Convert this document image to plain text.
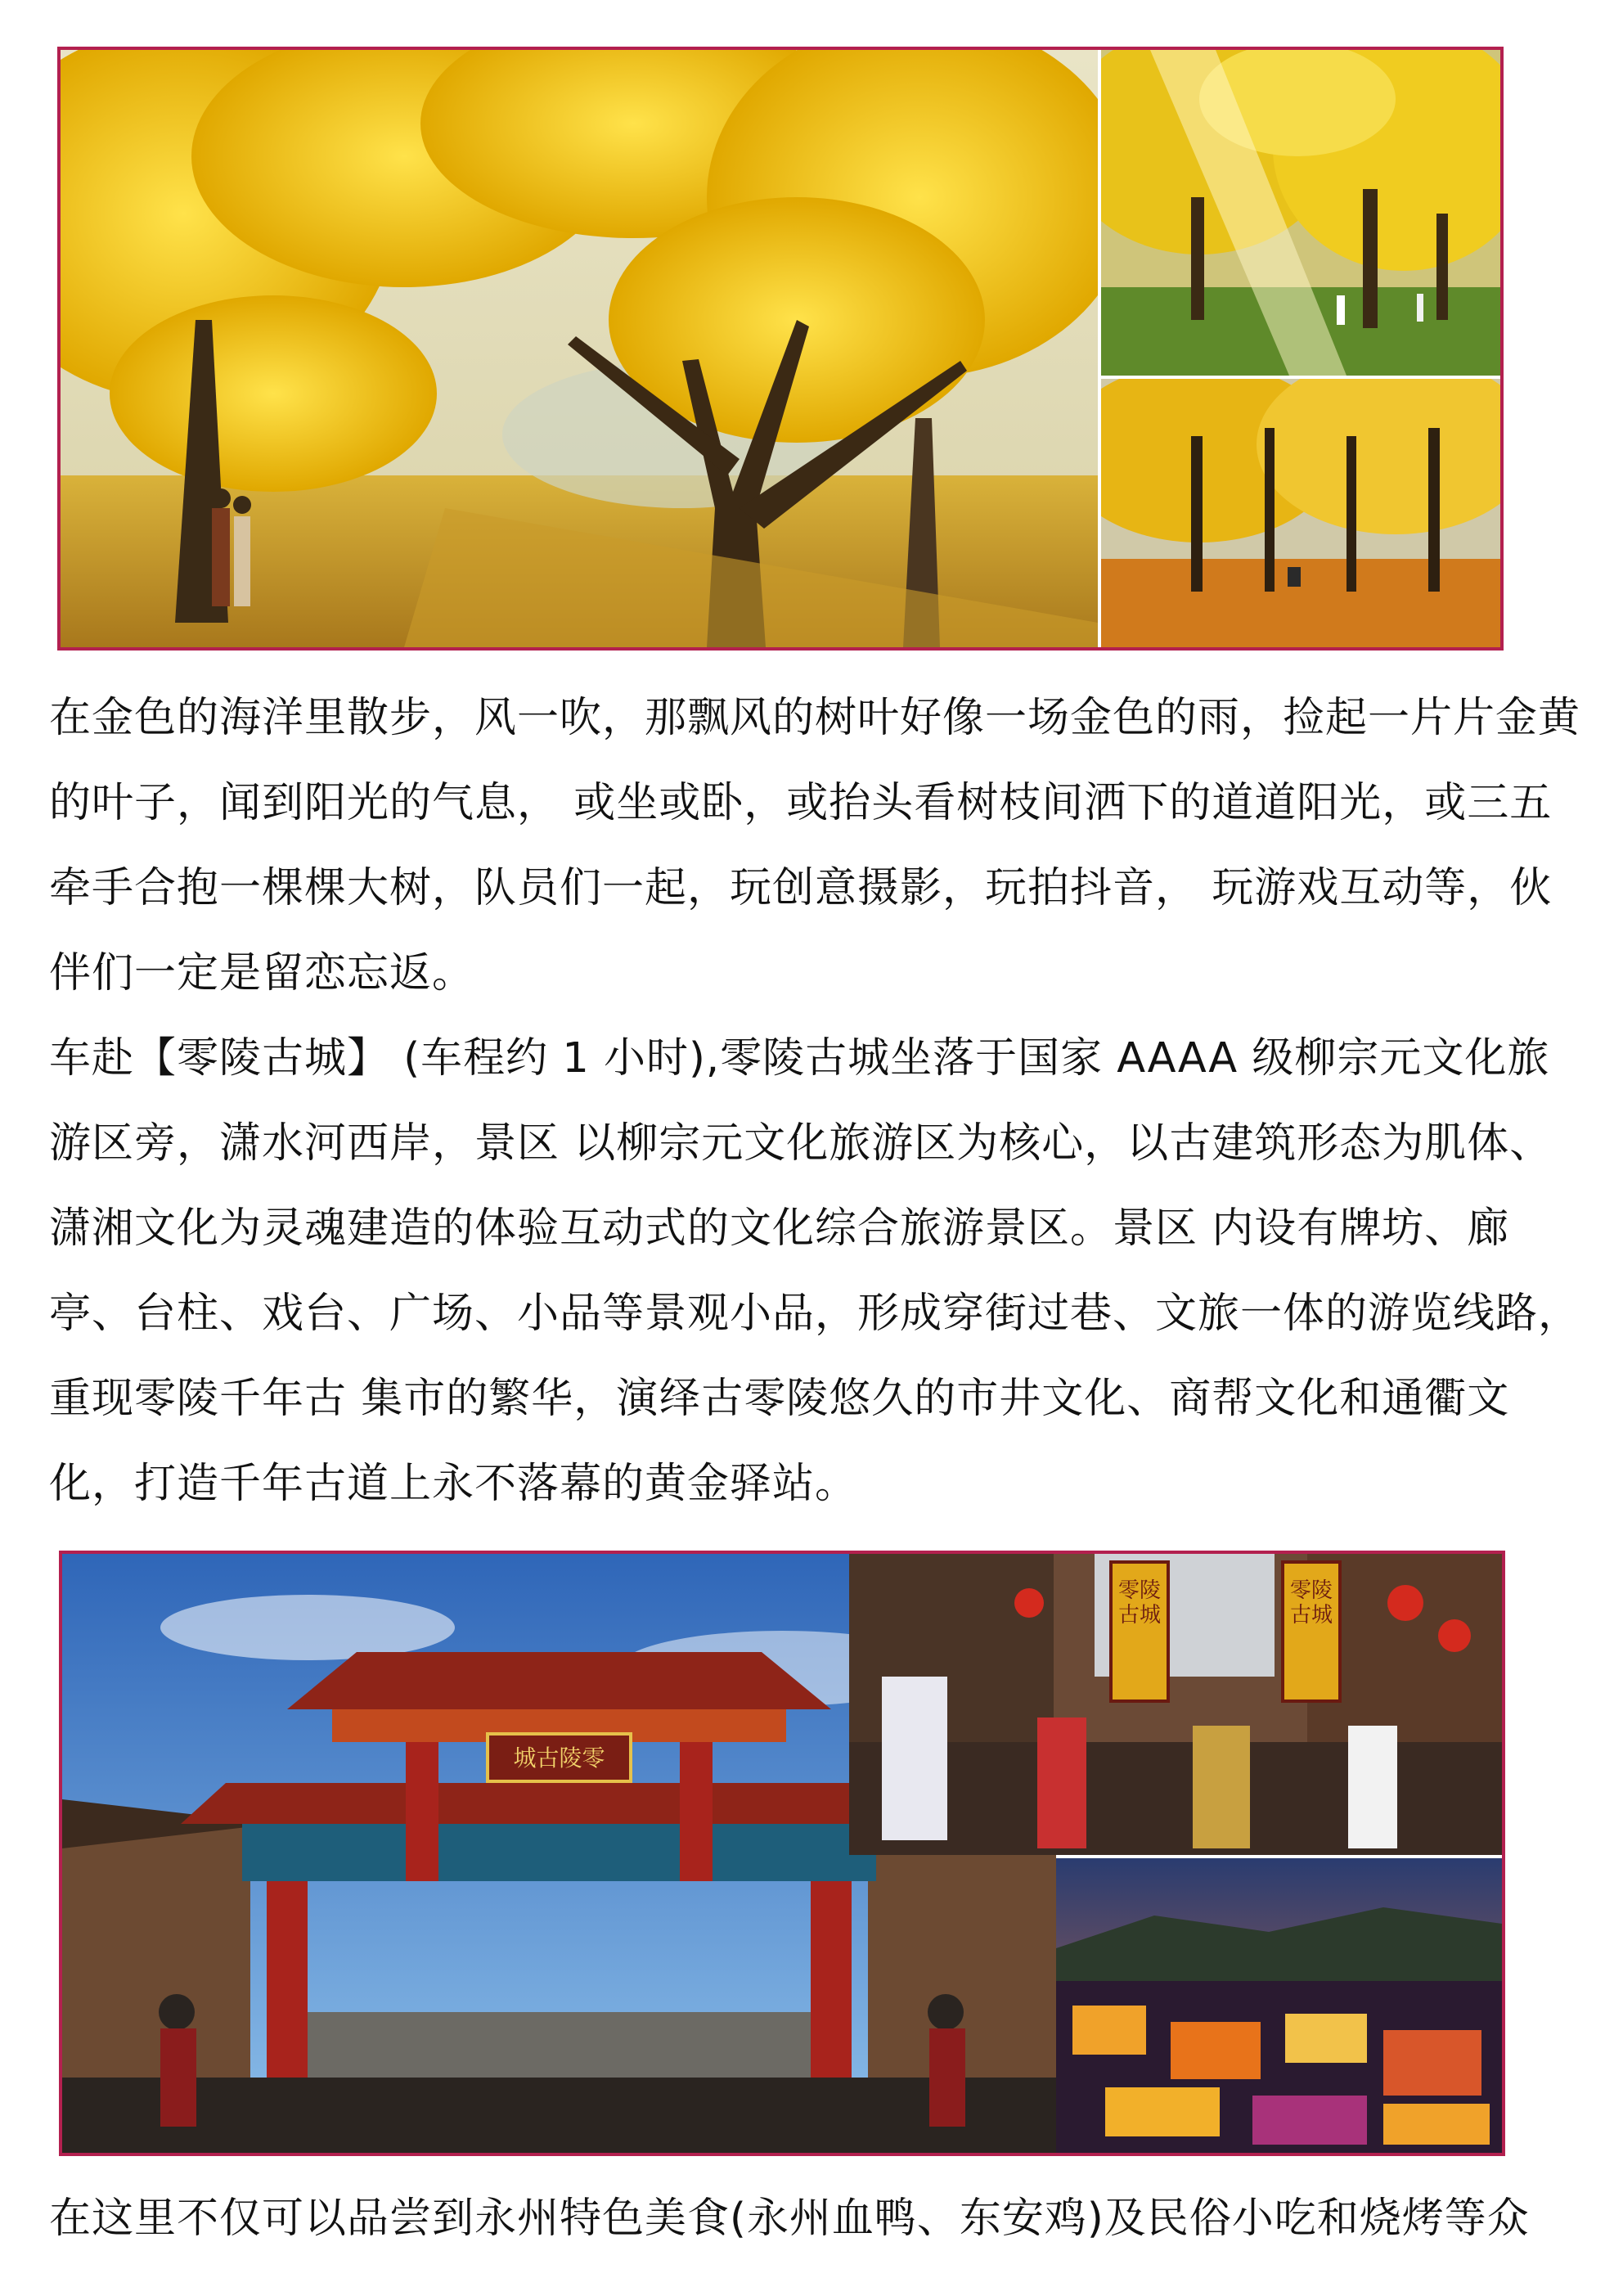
在金色的海洋里散步，风一吹，那飘风的树叶好像一场金色的雨，捡起一片片金黄的叶子，闻到阳光的气息， 或坐或卧，或抬头看树枝间洒下的道道阳光，或三五牵手合抱一棵棵大树，队员们一起，玩创意摄影，玩拍抖音， 玩游戏互动等，伙伴们一定是留恋忘返。

车赴【零陵古城】 (车程约 1 小时),零陵古城坐落于国家 AAAA 级柳宗元文化旅游区旁，潇水河西岸，景区 以柳宗元文化旅游区为核心，以古建筑形态为肌体、潇湘文化为灵魂建造的体验互动式的文化综合旅游景区。景区 内设有牌坊、廊亭、台柱、戏台、广场、小品等景观小品，形成穿街过巷、文旅一体的游览线路，重现零陵千年古 集市的繁华，演绎古零陵悠久的市井文化、商帮文化和通衢文化，打造千年古道上永不落幕的黄金驿站。

城古陵零
零陵古城
零陵古城

在这里不仅可以品尝到永州特色美食(永州血鸭、东安鸡)及民俗小吃和烧烤等众
